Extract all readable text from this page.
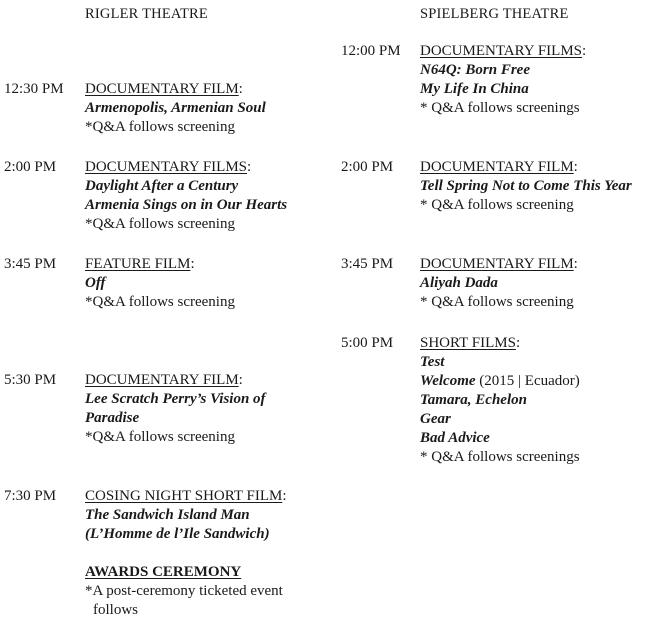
RIGLER THEATRE	SPIELBERG THEATRE
12:30 PM DOCUMENTARY FILM:
Armenopolis, Armenian Soul
*Q&A follows screening
2:00 PM DOCUMENTARY FILMS:
Daylight After a Century
Armenia Sings on in Our Hearts
*Q&A follows screening
3:45 PM FEATURE FILM:
Off
*Q&A follows screening
5:30 PM DOCUMENTARY FILM:
Lee Scratch Perry’s Vision of
Paradise
*Q&A follows screening
7:30 PM COSING NIGHT SHORT FILM:
The Sandwich Island Man
(L’Homme de l’Ile Sandwich)
AWARDS CEREMONY
*A post-ceremony ticketed event
follows
12:00 PM DOCUMENTARY FILMS:
N64Q: Born Free
My Life In China
* Q&A follows screenings
2:00 PM DOCUMENTARY FILM:
Tell Spring Not to Come This Year
* Q&A follows screening
3:45 PM DOCUMENTARY FILM:
Aliyah Dada
* Q&A follows screening
5:00 PM SHORT FILMS:
Test
Welcome (2015 | Ecuador)
Tamara, Echelon
Gear
Bad Advice
* Q&A follows screenings
